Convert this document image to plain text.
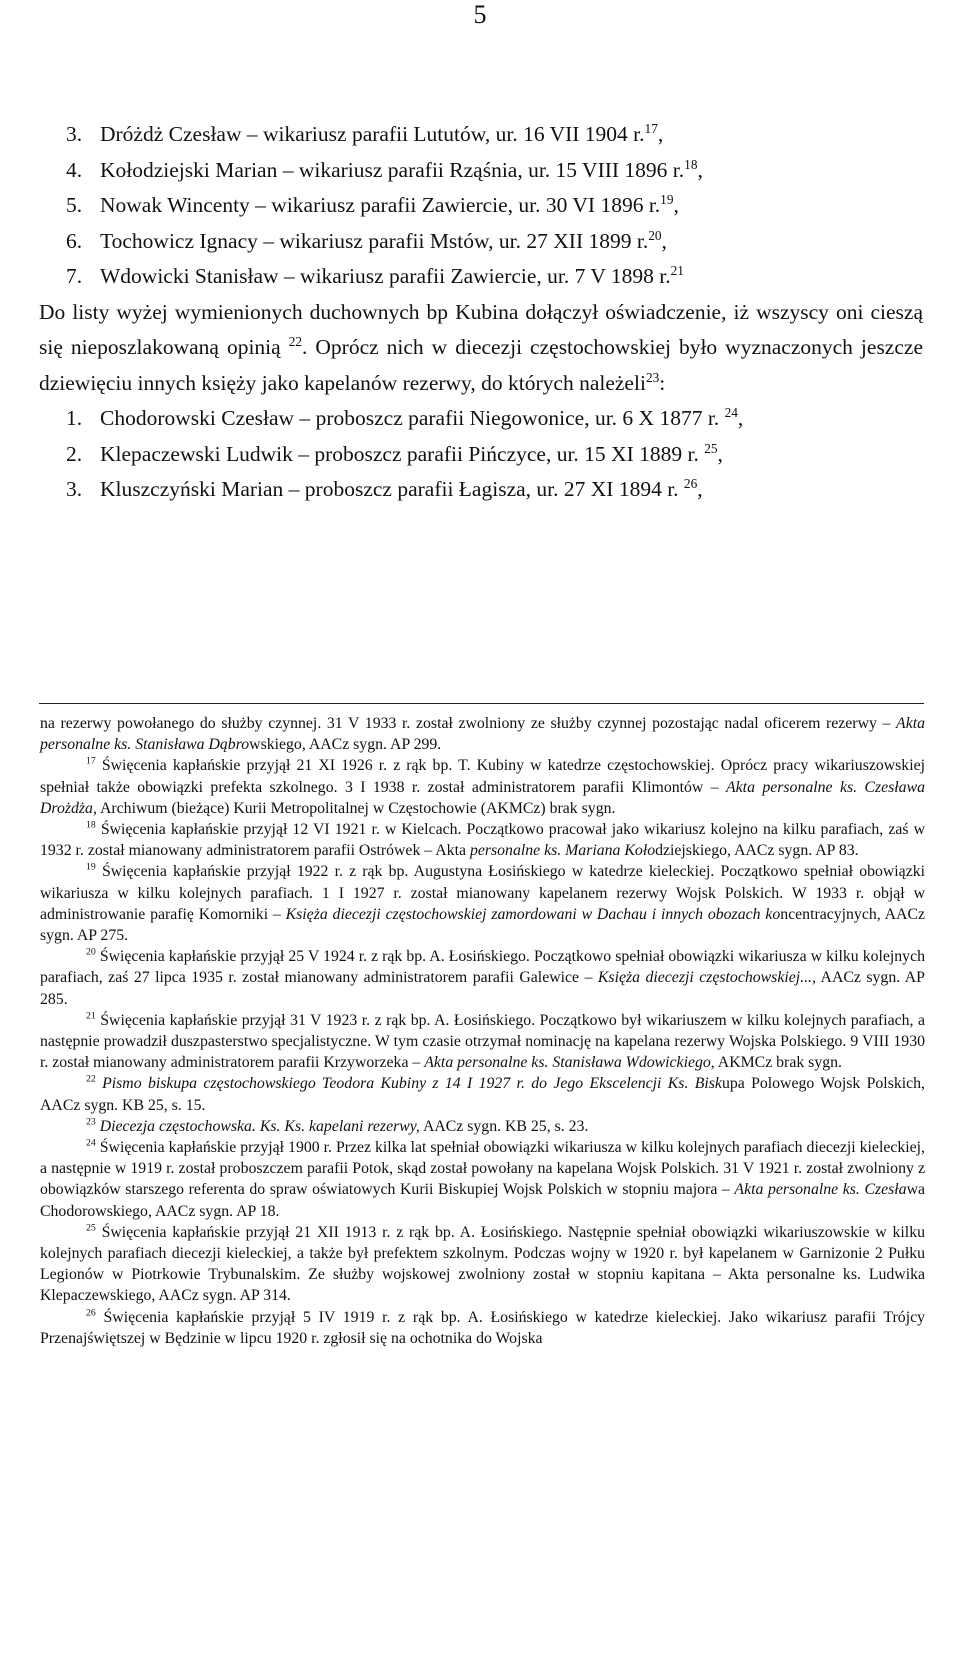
5
3. Dróżdż Czesław – wikariusz parafii Lututów, ur. 16 VII 1904 r.$^{17}$,
4. Kołodziejski Marian – wikariusz parafii Rząśnia, ur. 15 VIII 1896 r.$^{18}$,
5. Nowak Wincenty – wikariusz parafii Zawiercie, ur. 30 VI 1896 r.$^{19}$,
6. Tochowicz Ignacy – wikariusz parafii Mstów, ur. 27 XII 1899 r.$^{20}$,
7. Wdowicki Stanisław – wikariusz parafii Zawiercie, ur. 7 V 1898 r.$^{21}$
Do listy wyżej wymienionych duchownych bp Kubina dołączył oświadczenie, iż wszyscy oni cieszą się nieposzlakowaną opinią $^{22}$. Oprócz nich w diecezji częstochowskiej było wyznaczonych jeszcze dziewięciu innych księży jako kapelanów rezerwy, do których należeli$^{23}$:
1. Chodorowski Czesław – proboszcz parafii Niegowonice, ur. 6 X 1877 r. $^{24}$,
2. Klepaczewski Ludwik – proboszcz parafii Pińczyce, ur. 15 XI 1889 r. $^{25}$,
3. Kluszczyński Marian – proboszcz parafii Łagisza, ur. 27 XI 1894 r. $^{26}$,

na rezerwy powołanego do służby czynnej. 31 V 1933 r. został zwolniony ze służby czynnej pozostając nadal oficerem rezerwy – Akta personalne ks. Stanisława Dąbrowskiego, AACz sygn. AP 299.

$^{17}$ Święcenia kapłańskie przyjął 21 XI 1926 r. z rąk bp. T. Kubiny w katedrze częstochowskiej. Oprócz pracy wikariuszowskiej spełniał także obowiązki prefekta szkolnego. 3 I 1938 r. został administratorem parafii Klimontów – Akta personalne ks. Czesława Drożdża, Archiwum (bieżące) Kurii Metropolitalnej w Częstochowie (AKMCz) brak sygn.

$^{18}$ Święcenia kapłańskie przyjął 12 VI 1921 r. w Kielcach. Początkowo pracował jako wikariusz kolejno na kilku parafiach, zaś w 1932 r. został mianowany administratorem parafii Ostrówek – Akta personalne ks. Mariana Kołodziejskiego, AACz sygn. AP 83.

$^{19}$ Święcenia kapłańskie przyjął 1922 r. z rąk bp. Augustyna Łosińskiego w katedrze kieleckiej. Początkowo spełniał obowiązki wikariusza w kilku kolejnych parafiach. 1 I 1927 r. został mianowany kapelanem rezerwy Wojsk Polskich. W 1933 r. objął w administrowanie parafię Komorniki – Księża diecezji częstochowskiej zamordowani w Dachau i innych obozach koncentracyjnych, AACz sygn. AP 275.

$^{20}$ Święcenia kapłańskie przyjął 25 V 1924 r. z rąk bp. A. Łosińskiego. Początkowo spełniał obowiązki wikariusza w kilku kolejnych parafiach, zaś 27 lipca 1935 r. został mianowany administratorem parafii Galewice – Księża diecezji częstochowskiej..., AACz sygn. AP 285.

$^{21}$ Święcenia kapłańskie przyjął 31 V 1923 r. z rąk bp. A. Łosińskiego. Początkowo był wikariuszem w kilku kolejnych parafiach, a następnie prowadził duszpasterstwo specjalistyczne. W tym czasie otrzymał nominację na kapelana rezerwy Wojska Polskiego. 9 VIII 1930 r. został mianowany administratorem parafii Krzyworzeka – Akta personalne ks. Stanisława Wdowickiego, AKMCz brak sygn.

$^{22}$ Pismo biskupa częstochowskiego Teodora Kubiny z 14 I 1927 r. do Jego Ekscelencji Ks. Biskupa Polowego Wojsk Polskich, AACz sygn. KB 25, s. 15.

$^{23}$ Diecezja częstochowska. Ks. Ks. kapelani rezerwy, AACz sygn. KB 25, s. 23.

$^{24}$ Święcenia kapłańskie przyjął 1900 r. Przez kilka lat spełniał obowiązki wikariusza w kilku kolejnych parafiach diecezji kieleckiej, a następnie w 1919 r. został proboszczem parafii Potok, skąd został powołany na kapelana Wojsk Polskich. 31 V 1921 r. został zwolniony z obowiązków starszego referenta do spraw oświatowych Kurii Biskupiej Wojsk Polskich w stopniu majora – Akta personalne ks. Czesława Chodorowskiego, AACz sygn. AP 18.

$^{25}$ Święcenia kapłańskie przyjął 21 XII 1913 r. z rąk bp. A. Łosińskiego. Następnie spełniał obowiązki wikariuszowskie w kilku kolejnych parafiach diecezji kieleckiej, a także był prefektem szkolnym. Podczas wojny w 1920 r. był kapelanem w Garnizonie 2 Pułku Legionów w Piotrkowie Trybunalskim. Ze służby wojskowej zwolniony został w stopniu kapitana – Akta personalne ks. Ludwika Klepaczewskiego, AACz sygn. AP 314.

$^{26}$ Święcenia kapłańskie przyjął 5 IV 1919 r. z rąk bp. A. Łosińskiego w katedrze kieleckiej. Jako wikariusz parafii Trójcy Przenajświętszej w Będzinie w lipcu 1920 r. zgłosił się na ochotnika do Wojska
